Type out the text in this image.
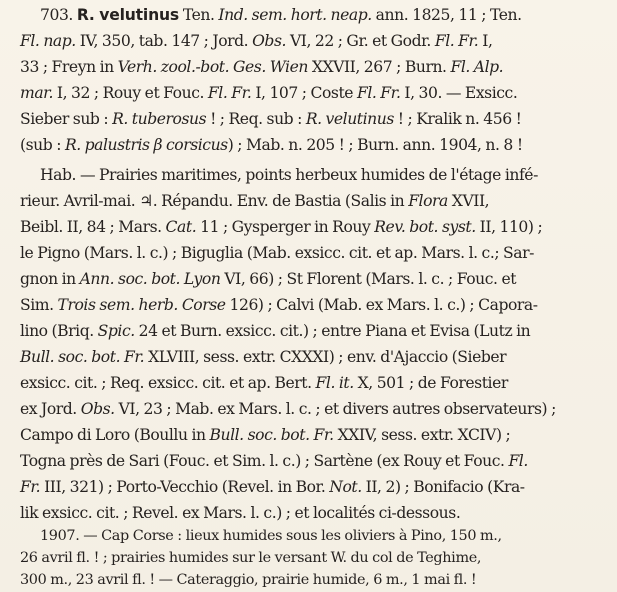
703. R. velutinus Ten. Ind. sem. hort. neap. ann. 1825, 11 ; Ten.
Fl. nap. IV, 350, tab. 147 ; Jord. Obs. VI, 22 ; Gr. et Godr. Fl. Fr. I,
33 ; Freyn in Verh. zool.-bot. Ges. Wien XXVII, 267 ; Burn. Fl. Alp.
mar. I, 32 ; Rouy et Fouc. Fl. Fr. I, 107 ; Coste Fl. Fr. I, 30. — Exsicc.
Sieber sub : R. tuberosus ! ; Req. sub : R. velutinus ! ; Kralik n. 456 !
(sub : R. palustris β corsicus) ; Mab. n. 205 ! ; Burn. ann. 1904, n. 8 !
Hab. — Prairies maritimes, points herbeux humides de l'étage infé-
rieur. Avril-mai. ♃. Répandu. Env. de Bastia (Salis in Flora XVII,
Beibl. II, 84 ; Mars. Cat. 11 ; Gysperger in Rouy Rev. bot. syst. II, 110) ;
le Pigno (Mars. l. c.) ; Biguglia (Mab. exsicc. cit. et ap. Mars. l. c.; Sar-
gnon in Ann. soc. bot. Lyon VI, 66) ; St Florent (Mars. l. c. ; Fouc. et
Sim. Trois sem. herb. Corse 126) ; Calvi (Mab. ex Mars. l. c.) ; Capora-
lino (Briq. Spic. 24 et Burn. exsicc. cit.) ; entre Piana et Evisa (Lutz in
Bull. soc. bot. Fr. XLVIII, sess. extr. CXXXI) ; env. d'Ajaccio (Sieber
exsicc. cit. ; Req. exsicc. cit. et ap. Bert. Fl. it. X, 501 ; de Forestier
ex Jord. Obs. VI, 23 ; Mab. ex Mars. l. c. ; et divers autres observateurs) ;
Campo di Loro (Boullu in Bull. soc. bot. Fr. XXIV, sess. extr. XCIV) ;
Togna près de Sari (Fouc. et Sim. l. c.) ; Sartène (ex Rouy et Fouc. Fl.
Fr. III, 321) ; Porto-Vecchio (Revel. in Bor. Not. II, 2) ; Bonifacio (Kra-
lik exsicc. cit. ; Revel. ex Mars. l. c.) ; et localités ci-dessous.
1907. — Cap Corse : lieux humides sous les oliviers à Pino, 150 m.,
26 avril fl. ! ; prairies humides sur le versant W. du col de Teghime,
300 m., 23 avril fl. ! — Cateraggio, prairie humide, 6 m., 1 mai fl. !
